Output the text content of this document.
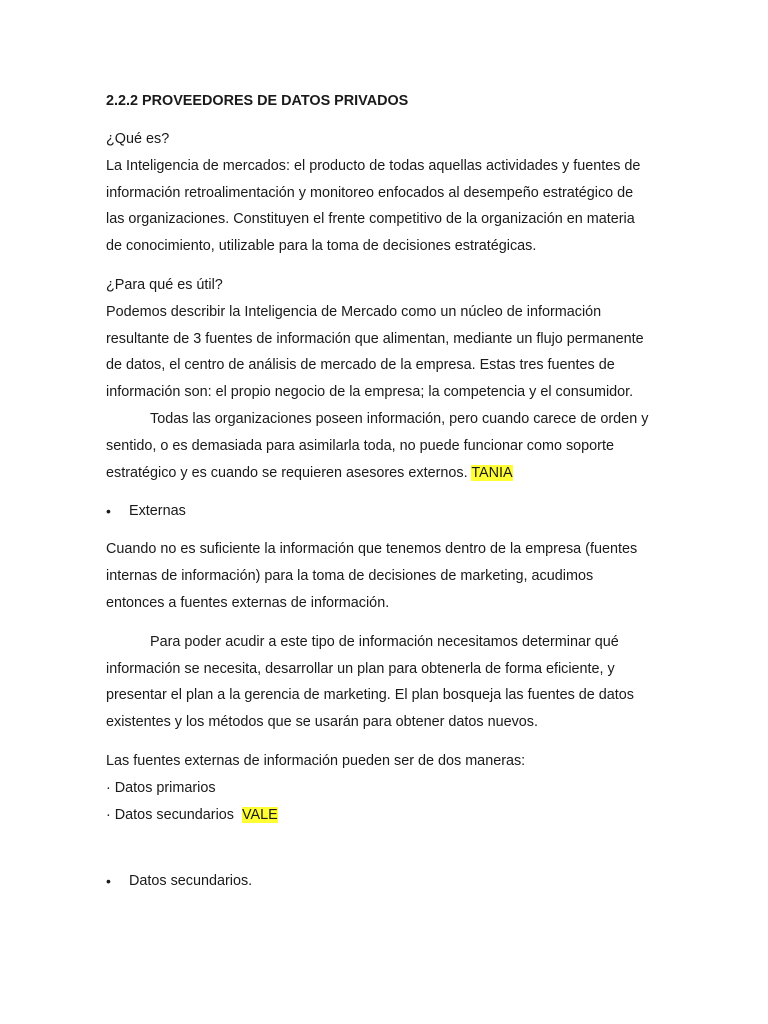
2.2.2 PROVEEDORES DE DATOS PRIVADOS
¿Qué es?
La Inteligencia de mercados: el producto de todas aquellas actividades y fuentes de
información retroalimentación y monitoreo enfocados al desempeño estratégico de
las organizaciones. Constituyen el frente competitivo de la organización en materia
de conocimiento, utilizable para la toma de decisiones estratégicas.
¿Para qué es útil?
Podemos describir la Inteligencia de Mercado como un núcleo de información
resultante de 3 fuentes de información que alimentan, mediante un flujo permanente
de datos, el centro de análisis de mercado de la empresa. Estas tres fuentes de
información son: el propio negocio de la empresa; la competencia y el consumidor.
Todas las organizaciones poseen información, pero cuando carece de orden y
sentido, o es demasiada para asimilarla toda, no puede funcionar como soporte
estratégico y es cuando se requieren asesores externos. TANIA
• Externas
Cuando no es suficiente la información que tenemos dentro de la empresa (fuentes
internas de información) para la toma de decisiones de marketing, acudimos
entonces a fuentes externas de información.
Para poder acudir a este tipo de información necesitamos determinar qué
información se necesita, desarrollar un plan para obtenerla de forma eficiente, y
presentar el plan a la gerencia de marketing. El plan bosqueja las fuentes de datos
existentes y los métodos que se usarán para obtener datos nuevos.
Las fuentes externas de información pueden ser de dos maneras:
· Datos primarios
· Datos secundarios  VALE
• Datos secundarios.
